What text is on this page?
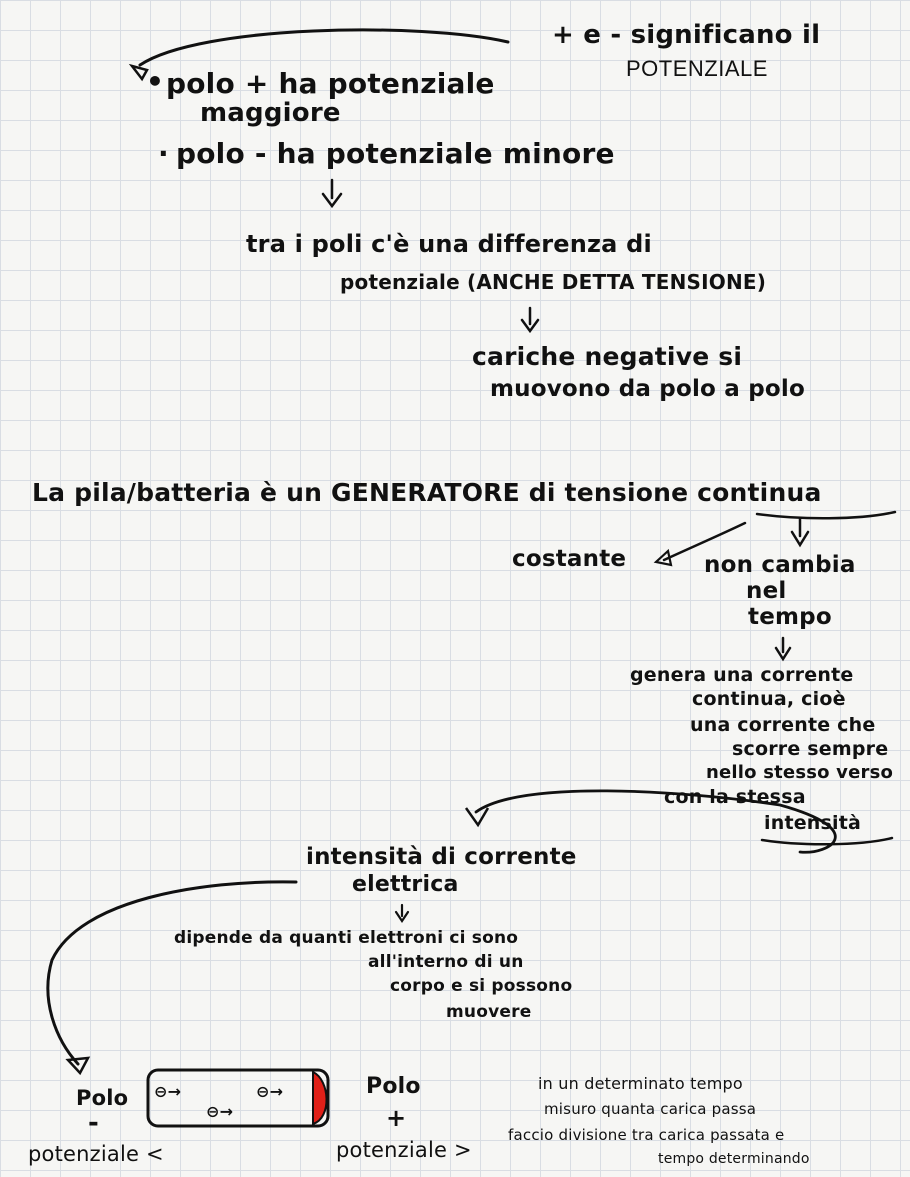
+ e - significano il
POTENZIALE
• polo + ha potenziale
maggiore
· polo - ha potenziale minore
tra i poli c'è una differenza di
potenziale (ANCHE DETTA TENSIONE)
cariche negative si
muovono da polo a polo
La pila/batteria è un GENERATORE di tensione continua
costante	non cambia
nel
tempo
genera una corrente
continua, cioè
una corrente che
scorre sempre
nello stesso verso
con la stessa
intensità
intensità di corrente
elettrica
dipende da quanti elettroni ci sono
all'interno di un
corpo e si possono
muovere
Polo
-
potenziale <
⊖→	⊖→
⊖→
Polo
+
potenziale >
in un determinato tempo
misuro quanta carica passa
faccio divisione tra carica passata e
tempo determinando
